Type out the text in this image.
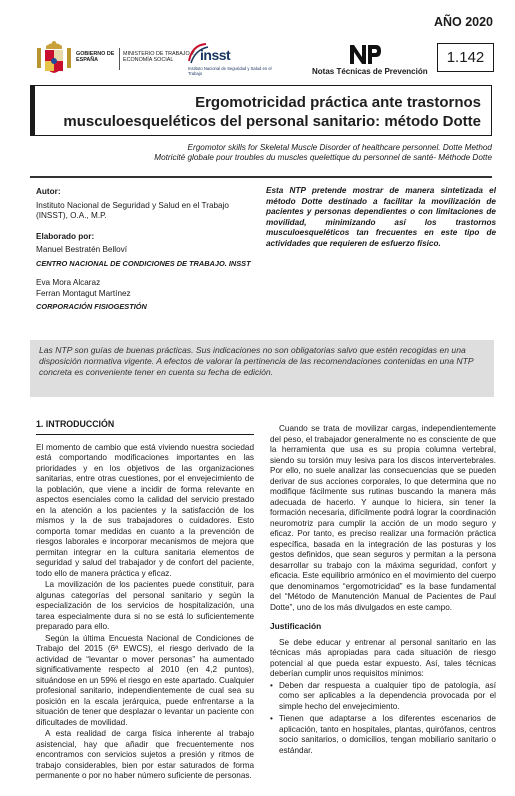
AÑO 2020
GOBIERNO DE ESPAÑA
MINISTERIO DE TRABAJO Y ECONOMÍA SOCIAL	insst
Instituto Nacional de Seguridad y Salud en el Trabajo	Notas Técnicas de Prevención
1.142
Ergomotricidad práctica ante trastornos
musculoesqueléticos del personal sanitario: método Dotte
Ergomotor skills for Skeletal Muscle Disorder of healthcare personnel. Dotte Method
Motricité globale pour troubles du muscles quelettique du personnel de santé- Méthode Dotte

Autor:

Instituto Nacional de Seguridad y Salud en el Trabajo (INSST), O.A., M.P.

Elaborado por:

Manuel Bestratén Belloví

CENTRO NACIONAL DE CONDICIONES DE TRABAJO. INSST

Eva Mora Alcaraz

Ferran Montagut Martínez

CORPORACIÓN FISIOGESTIÓN

Esta NTP pretende mostrar de manera sintetizada el método Dotte destinado a facilitar la movilización de pacientes y personas dependientes o con limitaciones de movilidad, minimizando así los trastornos musculoesqueléticos tan frecuentes en este tipo de actividades que requieren de esfuerzo físico.
Las NTP son guías de buenas prácticas. Sus indicaciones no son obligatorias salvo que estén recogidas en una disposición normativa vigente. A efectos de valorar la pertinencia de las recomendaciones contenidas en una NTP concreta es conveniente tener en cuenta su fecha de edición.
1. INTRODUCCIÓN

El momento de cambio que está viviendo nuestra sociedad está comportando modificaciones importantes en las prioridades y en los objetivos de las organizaciones sanitarias, entre otras cuestiones, por el envejecimiento de la población, que viene a incidir de forma relevante en aspectos esenciales como la calidad del servicio prestado en la atención a los pacientes y la satisfacción de los mismos y la de sus trabajadores o cuidadores. Esto comporta tomar medidas en cuanto a la prevención de riesgos laborales e incorporar mecanismos de mejora que permitan integrar en la cultura sanitaria elementos de seguridad y salud del trabajador y de confort del paciente, todo ello de manera práctica y eficaz.

La movilización de los pacientes puede constituir, para algunas categorías del personal sanitario y según la especialización de los servicios de hospitalización, una tarea especialmente dura si no se está lo suficientemente preparado para ello.

Según la última Encuesta Nacional de Condiciones de Trabajo del 2015 (6ª EWCS), el riesgo derivado de la actividad de “levantar o mover personas” ha aumentado significativamente respecto al 2010 (en 4,2 puntos), situándose en un 59% el riesgo en este apartado. Cualquier profesional sanitario, independientemente de cual sea su posición en la escala jerárquica, puede enfrentarse a la situación de tener que desplazar o levantar un paciente con dificultades de movilidad.

A esta realidad de carga física inherente al trabajo asistencial, hay que añadir que frecuentemente nos encontramos con servicios sujetos a presión y ritmos de trabajo considerables, bien por estar saturados de forma permanente o por no haber número suficiente de personas.

Cuando se trata de movilizar cargas, independientemente del peso, el trabajador generalmente no es consciente de que la herramienta que usa es su propia columna vertebral, siendo su torsión muy lesiva para los discos intervertebrales. Por ello, no suele analizar las consecuencias que se pueden derivar de sus acciones corporales, lo que determina que no modifique fácilmente sus rutinas buscando la manera más adecuada de hacerlo. Y aunque lo hiciera, sin tener la formación necesaria, difícilmente podrá lograr la coordinación neuromotriz para cumplir la acción de un modo seguro y eficaz. Por tanto, es preciso realizar una formación práctica específica, basada en la integración de las posturas y los gestos definidos, que sean seguros y permitan a la persona desarrollar su trabajo con la máxima seguridad, confort y eficacia. Este equilibrio armónico en el movimiento del cuerpo que denominamos “ergomotricidad” es la base fundamental del “Método de Manutención Manual de Pacientes de Paul Dotte”, uno de los más divulgados en este campo.

Justificación

Se debe educar y entrenar al personal sanitario en las técnicas más apropiadas para cada situación de riesgo potencial al que pueda estar expuesto. Así, tales técnicas deberían cumplir unos requisitos mínimos:

• Deben dar respuesta a cualquier tipo de patología, así como ser aplicables a la dependencia provocada por el simple hecho del envejecimiento.
• Tienen que adaptarse a los diferentes escenarios de aplicación, tanto en hospitales, plantas, quirófanos, centros socio sanitarios, o domicilios, tengan mobiliario sanitario o estándar.
